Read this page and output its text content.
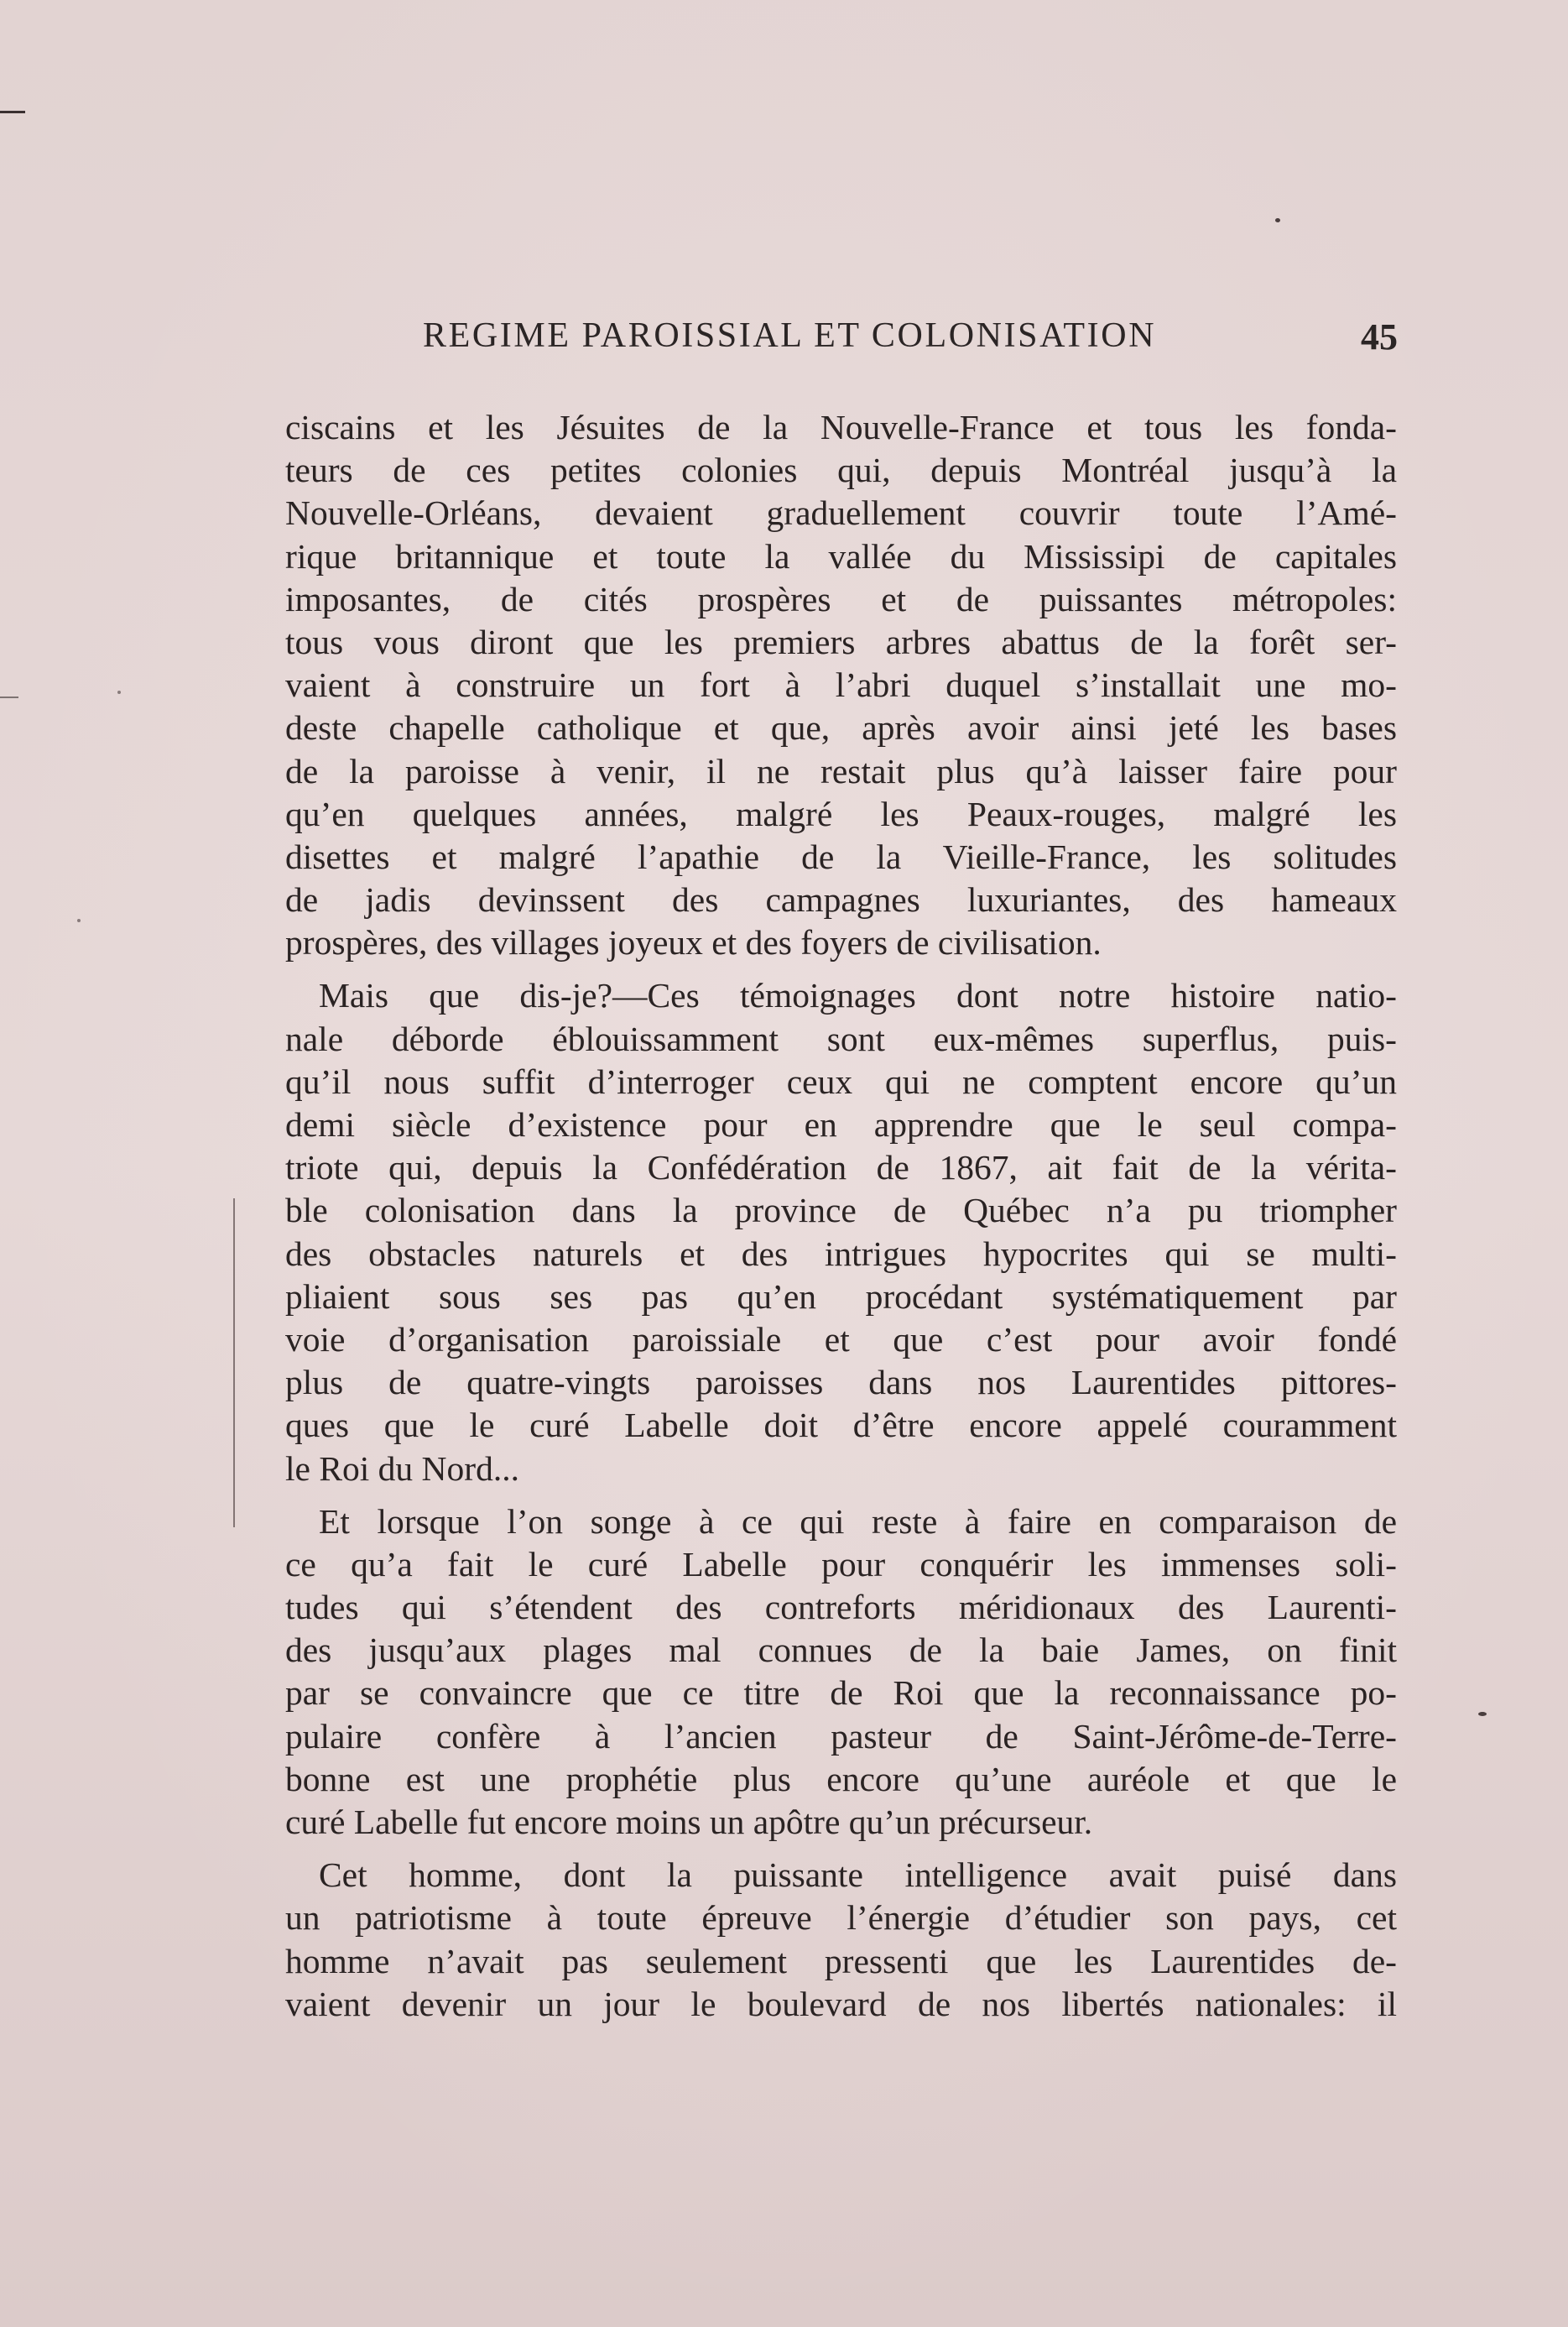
REGIME PAROISSIAL ET COLONISATION	45

ciscains et les Jésuites de la Nouvelle-France et tous les fonda-
teurs de ces petites colonies qui, depuis Montréal jusqu’à la
Nouvelle-Orléans, devaient graduellement couvrir toute l’Amé-
rique britannique et toute la vallée du Mississipi de capitales
imposantes, de cités prospères et de puissantes métropoles:
tous vous diront que les premiers arbres abattus de la forêt ser-
vaient à construire un fort à l’abri duquel s’installait une mo-
deste chapelle catholique et que, après avoir ainsi jeté les bases
de la paroisse à venir, il ne restait plus qu’à laisser faire pour
qu’en quelques années, malgré les Peaux-rouges, malgré les
disettes et malgré l’apathie de la Vieille-France, les solitudes
de jadis devinssent des campagnes luxuriantes, des hameaux
prospères, des villages joyeux et des foyers de civilisation.

Mais que dis-je?—Ces témoignages dont notre histoire natio-
nale déborde éblouissamment sont eux-mêmes superflus, puis-
qu’il nous suffit d’interroger ceux qui ne comptent encore qu’un
demi siècle d’existence pour en apprendre que le seul compa-
triote qui, depuis la Confédération de 1867, ait fait de la vérita-
ble colonisation dans la province de Québec n’a pu triompher
des obstacles naturels et des intrigues hypocrites qui se multi-
pliaient sous ses pas qu’en procédant systématiquement par
voie d’organisation paroissiale et que c’est pour avoir fondé
plus de quatre-vingts paroisses dans nos Laurentides pittores-
ques que le curé Labelle doit d’être encore appelé couramment
le Roi du Nord...

Et lorsque l’on songe à ce qui reste à faire en comparaison de
ce qu’a fait le curé Labelle pour conquérir les immenses soli-
tudes qui s’étendent des contreforts méridionaux des Laurenti-
des jusqu’aux plages mal connues de la baie James, on finit
par se convaincre que ce titre de Roi que la reconnaissance po-
pulaire confère à l’ancien pasteur de Saint-Jérôme-de-Terre-
bonne est une prophétie plus encore qu’une auréole et que le
curé Labelle fut encore moins un apôtre qu’un précurseur.

Cet homme, dont la puissante intelligence avait puisé dans
un patriotisme à toute épreuve l’énergie d’étudier son pays, cet
homme n’avait pas seulement pressenti que les Laurentides de-
vaient devenir un jour le boulevard de nos libertés nationales: il
